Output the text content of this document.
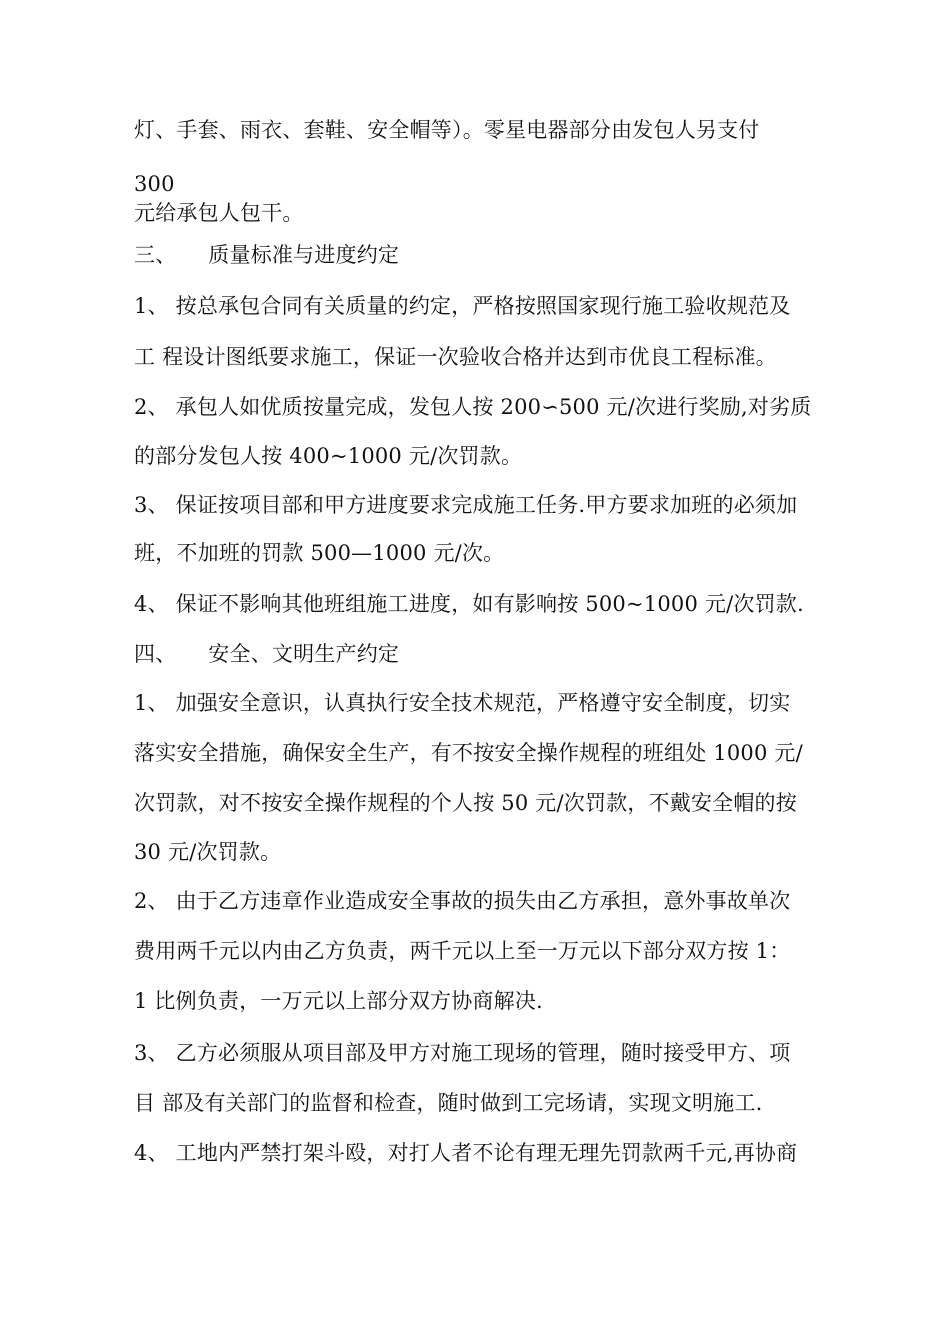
灯、手套、雨衣、套鞋、安全帽等）。零星电器部分由发包人另支付
300
元给承包人包干。
三、　　质量标准与进度约定
1、 按总承包合同有关质量的约定，严格按照国家现行施工验收规范及
工 程设计图纸要求施工，保证一次验收合格并达到市优良工程标准。
2、 承包人如优质按量完成，发包人按 200∽500 元/次进行奖励,对劣质
的部分发包人按 400~1000 元/次罚款。
3、 保证按项目部和甲方进度要求完成施工任务.甲方要求加班的必须加
班，不加班的罚款 500—1000 元/次。
4、 保证不影响其他班组施工进度，如有影响按 500~1000 元/次罚款.
四、　　安全、文明生产约定
1、 加强安全意识，认真执行安全技术规范，严格遵守安全制度，切实
落实安全措施，确保安全生产，有不按安全操作规程的班组处 1000 元/
次罚款，对不按安全操作规程的个人按 50 元/次罚款，不戴安全帽的按
30 元/次罚款。
2、 由于乙方违章作业造成安全事故的损失由乙方承担，意外事故单次
费用两千元以内由乙方负责，两千元以上至一万元以下部分双方按 1：
1 比例负责，一万元以上部分双方协商解决.
3、 乙方必须服从项目部及甲方对施工现场的管理，随时接受甲方、项
目 部及有关部门的监督和检查，随时做到工完场请，实现文明施工.
4、 工地内严禁打架斗殴，对打人者不论有理无理先罚款两千元,再协商
